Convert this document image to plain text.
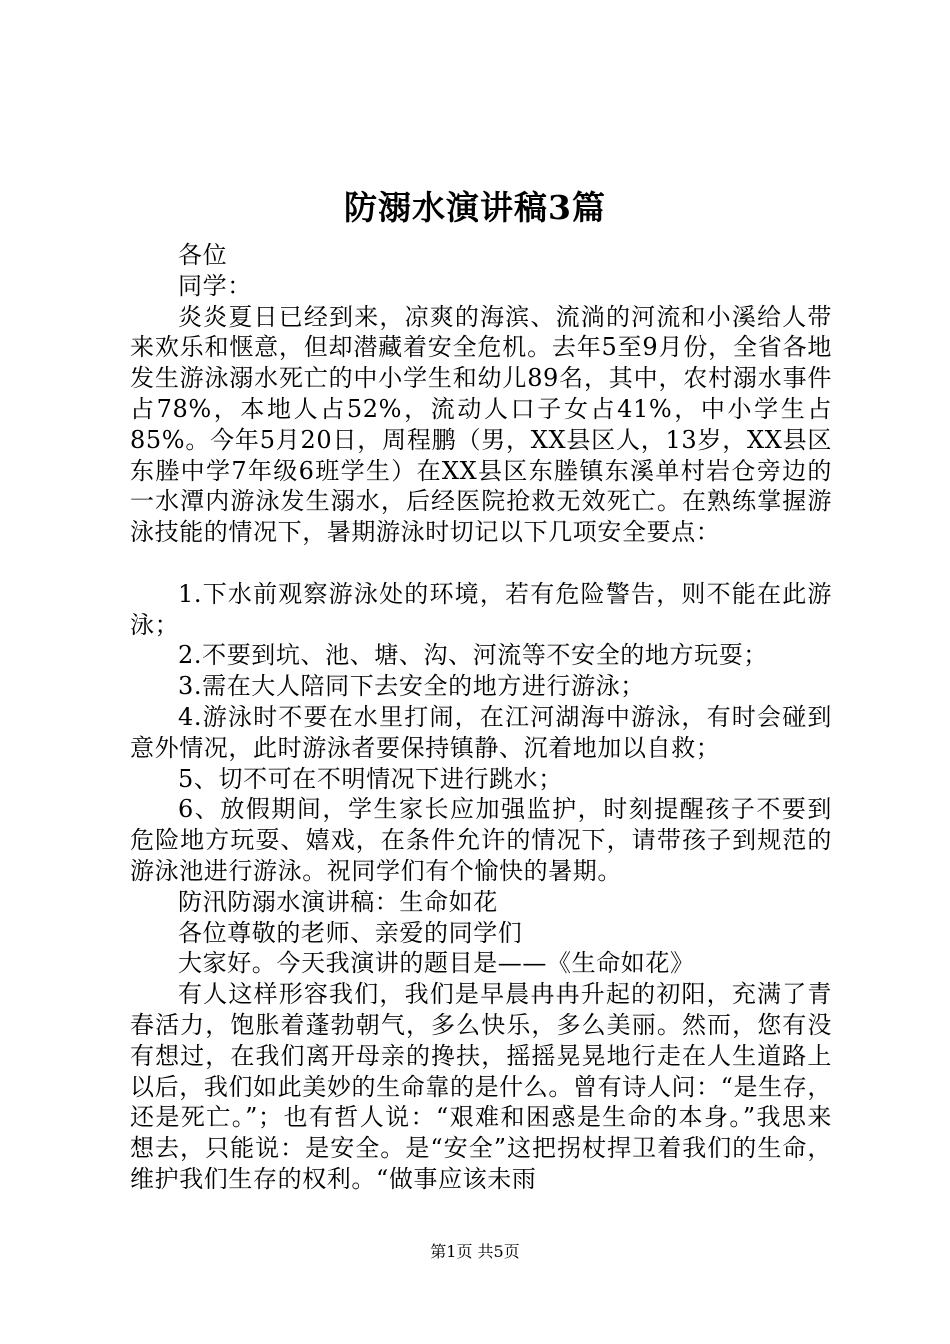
防溺水演讲稿3篇

各位

同学：

炎炎夏日已经到来，凉爽的海滨、流淌的河流和小溪给人带来欢乐和惬意，但却潜藏着安全危机。去年5至9月份，全省各地发生游泳溺水死亡的中小学生和幼儿89名，其中，农村溺水事件占78%，本地人占52%，流动人口子女占41%，中小学生占85%。今年5月20日，周程鹏（男，XX县区人，13岁，XX县区东塍中学7年级6班学生）在XX县区东塍镇东溪单村岩仓旁边的一水潭内游泳发生溺水，后经医院抢救无效死亡。在熟练掌握游泳技能的情况下，暑期游泳时切记以下几项安全要点：

1.下水前观察游泳处的环境，若有危险警告，则不能在此游泳；

2.不要到坑、池、塘、沟、河流等不安全的地方玩耍；

3.需在大人陪同下去安全的地方进行游泳；

4.游泳时不要在水里打闹，在江河湖海中游泳，有时会碰到意外情况，此时游泳者要保持镇静、沉着地加以自救；

5、切不可在不明情况下进行跳水；

6、放假期间，学生家长应加强监护，时刻提醒孩子不要到危险地方玩耍、嬉戏，在条件允许的情况下，请带孩子到规范的游泳池进行游泳。祝同学们有个愉快的暑期。

防汛防溺水演讲稿：生命如花

各位尊敬的老师、亲爱的同学们

大家好。今天我演讲的题目是——《生命如花》

有人这样形容我们，我们是早晨冉冉升起的初阳，充满了青春活力，饱胀着蓬勃朝气，多么快乐，多么美丽。然而，您有没有想过，在我们离开母亲的搀扶，摇摇晃晃地行走在人生道路上以后，我们如此美妙的生命靠的是什么。曾有诗人问：“是生存，还是死亡。”；也有哲人说：“艰难和困惑是生命的本身。”我思来想去，只能说：是安全。是“安全”这把拐杖捍卫着我们的生命，维护我们生存的权利。“做事应该未雨

第1页 共5页
